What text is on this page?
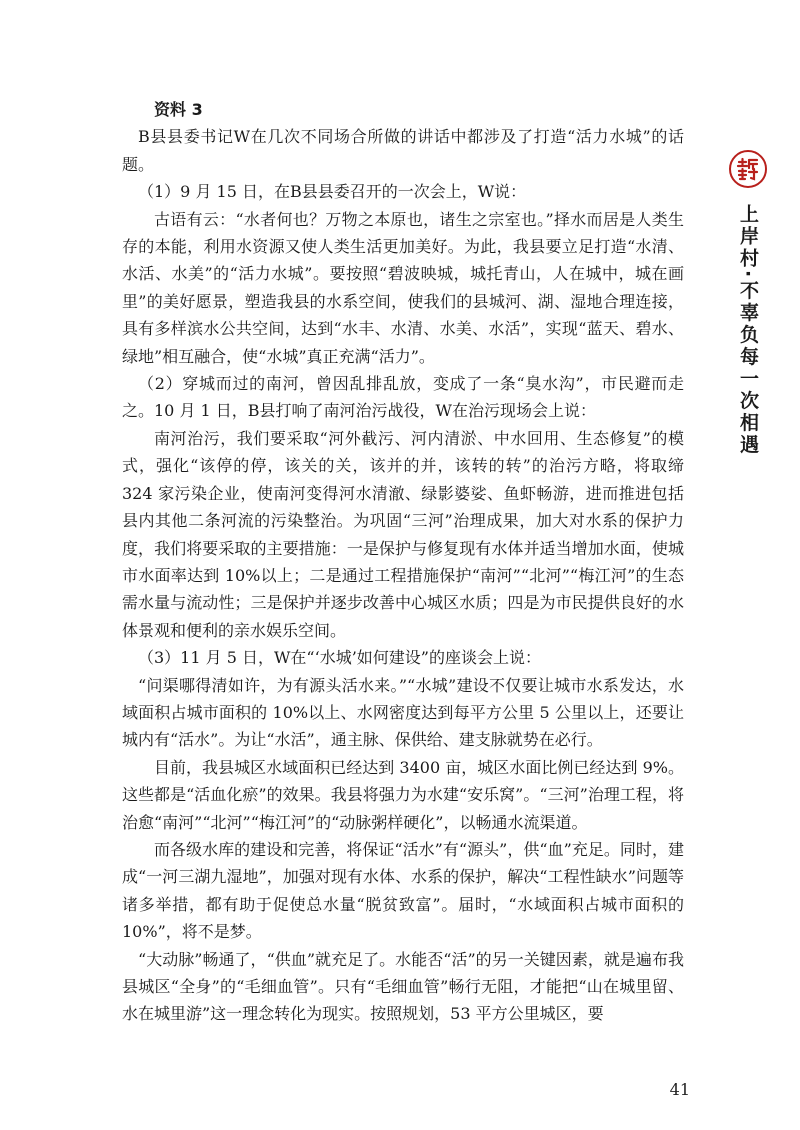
资料 3

B县县委书记W在几次不同场合所做的讲话中都涉及了打造“活力水城”的话题。

（1）9 月 15 日，在B县县委召开的一次会上，W说：

古语有云：“水者何也？万物之本原也，诸生之宗室也。”择水而居是人类生存的本能，利用水资源又使人类生活更加美好。为此，我县要立足打造“水清、水活、水美”的“活力水城”。要按照“碧波映城，城托青山，人在城中，城在画里”的美好愿景，塑造我县的水系空间，使我们的县城河、湖、湿地合理连接，具有多样滨水公共空间，达到“水丰、水清、水美、水活”，实现“蓝天、碧水、绿地”相互融合，使“水城”真正充满“活力”。

（2）穿城而过的南河，曾因乱排乱放，变成了一条“臭水沟”，市民避而走之。10 月 1 日，B县打响了南河治污战役，W在治污现场会上说：

南河治污，我们要采取“河外截污、河内清淤、中水回用、生态修复”的模式，强化“该停的停，该关的关，该并的并，该转的转”的治污方略，将取缔 324 家污染企业，使南河变得河水清澈、绿影婆娑、鱼虾畅游，进而推进包括县内其他二条河流的污染整治。为巩固“三河”治理成果，加大对水系的保护力度，我们将要采取的主要措施：一是保护与修复现有水体并适当增加水面，使城市水面率达到 10%以上；二是通过工程措施保护“南河”“北河”“梅江河”的生态需水量与流动性；三是保护并逐步改善中心城区水质；四是为市民提供良好的水体景观和便利的亲水娱乐空间。

（3）11 月 5 日，W在“‘水城’如何建设”的座谈会上说：

“问渠哪得清如许，为有源头活水来。”“水城”建设不仅要让城市水系发达，水域面积占城市面积的 10%以上、水网密度达到每平方公里 5 公里以上，还要让城内有“活水”。为让“水活”，通主脉、保供给、建支脉就势在必行。

目前，我县城区水域面积已经达到 3400 亩，城区水面比例已经达到 9%。这些都是“活血化瘀”的效果。我县将强力为水建“安乐窝”。“三河”治理工程，将治愈“南河”“北河”“梅江河”的“动脉粥样硬化”，以畅通水流渠道。

而各级水库的建设和完善，将保证“活水”有“源头”，供“血”充足。同时，建成“一河三湖九湿地”，加强对现有水体、水系的保护，解决“工程性缺水”问题等诸多举措，都有助于促使总水量“脱贫致富”。届时，“水域面积占城市面积的 10%”，将不是梦。

“大动脉”畅通了，“供血”就充足了。水能否“活”的另一关键因素，就是遍布我县城区“全身”的“毛细血管”。只有“毛细血管”畅行无阻，才能把“山在城里留、水在城里游”这一理念转化为现实。按照规划，53 平方公里城区，要

上岸村·不辜负每一次相遇
41
